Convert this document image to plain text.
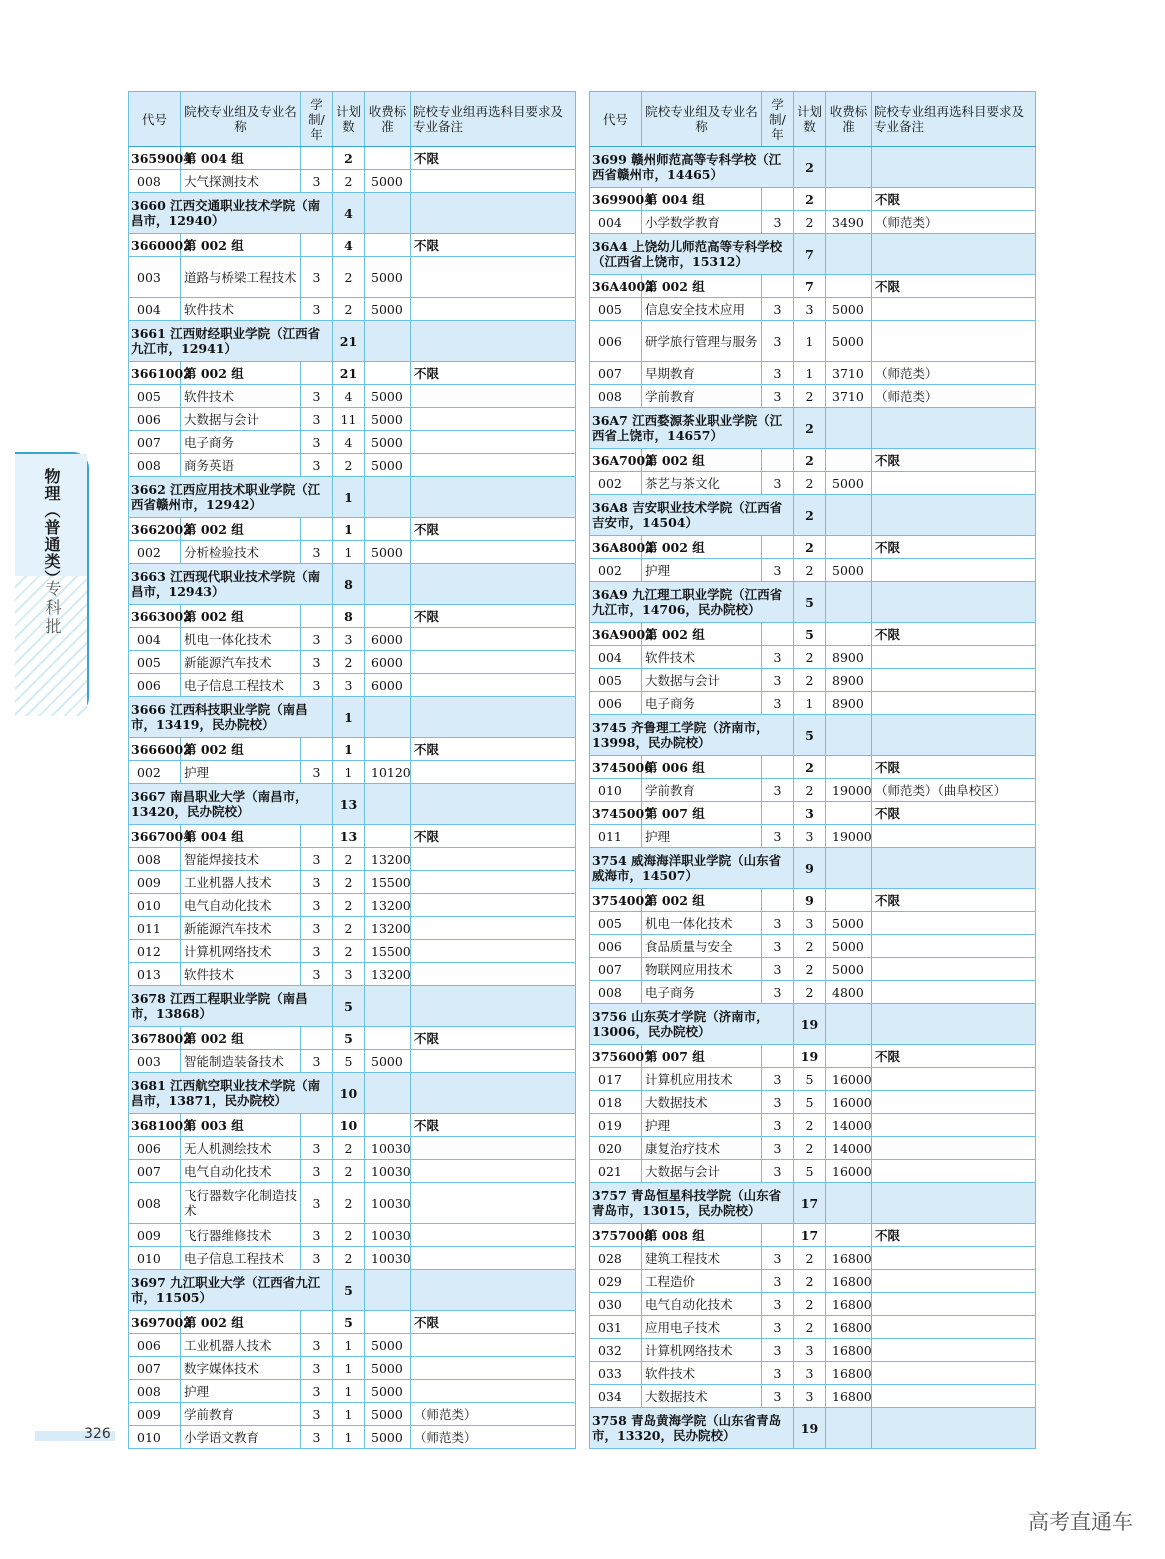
物理（普通类）
专科批
代号	院校专业组及专业名称	学制/年	计划数	收费标准	院校专业组再选科目要求及专业备注
3659004	第 004 组		2		不限
008	大气探测技术	3	2	5000	
3660 江西交通职业技术学院（南昌市，12940）			4		
3660002	第 002 组		4		不限
003	道路与桥梁工程技术	3	2	5000	
004	软件技术	3	2	5000	
3661 江西财经职业学院（江西省九江市，12941）			21		
3661002	第 002 组		21		不限
005	软件技术	3	4	5000	
006	大数据与会计	3	11	5000	
007	电子商务	3	4	5000	
008	商务英语	3	2	5000	
3662 江西应用技术职业学院（江西省赣州市，12942）			1		
3662002	第 002 组		1		不限
002	分析检验技术	3	1	5000	
3663 江西现代职业技术学院（南昌市，12943）			8		
3663002	第 002 组		8		不限
004	机电一体化技术	3	3	6000	
005	新能源汽车技术	3	2	6000	
006	电子信息工程技术	3	3	6000	
3666 江西科技职业学院（南昌市，13419，民办院校）			1		
3666002	第 002 组		1		不限
002	护理	3	1	10120	
3667 南昌职业大学（南昌市，13420，民办院校）			13		
3667004	第 004 组		13		不限
008	智能焊接技术	3	2	13200	
009	工业机器人技术	3	2	15500	
010	电气自动化技术	3	2	13200	
011	新能源汽车技术	3	2	13200	
012	计算机网络技术	3	2	15500	
013	软件技术	3	3	13200	
3678 江西工程职业学院（南昌市，13868）			5		
3678002	第 002 组		5		不限
003	智能制造装备技术	3	5	5000	
3681 江西航空职业技术学院（南昌市，13871，民办院校）			10		
3681003	第 003 组		10		不限
006	无人机测绘技术	3	2	10030	
007	电气自动化技术	3	2	10030	
008	飞行器数字化制造技术	3	2	10030	
009	飞行器维修技术	3	2	10030	
010	电子信息工程技术	3	2	10030	
3697 九江职业大学（江西省九江市，11505）			5		
3697002	第 002 组		5		不限
006	工业机器人技术	3	1	5000	
007	数字媒体技术	3	1	5000	
008	护理	3	1	5000	
009	学前教育	3	1	5000	（师范类）
010	小学语文教育	3	1	5000	（师范类）
代号	院校专业组及专业名称	学制/年	计划数	收费标准	院校专业组再选科目要求及专业备注
3699 赣州师范高等专科学校（江西省赣州市，14465）			2		
3699004	第 004 组		2		不限
004	小学数学教育	3	2	3490	（师范类）
36A4 上饶幼儿师范高等专科学校（江西省上饶市，15312）			7		
36A4002	第 002 组		7		不限
005	信息安全技术应用	3	3	5000	
006	研学旅行管理与服务	3	1	5000	
007	早期教育	3	1	3710	（师范类）
008	学前教育	3	2	3710	（师范类）
36A7 江西婺源茶业职业学院（江西省上饶市，14657）			2		
36A7002	第 002 组		2		不限
002	茶艺与茶文化	3	2	5000	
36A8 吉安职业技术学院（江西省吉安市，14504）			2		
36A8002	第 002 组		2		不限
002	护理	3	2	5000	
36A9 九江理工职业学院（江西省九江市，14706，民办院校）			5		
36A9002	第 002 组		5		不限
004	软件技术	3	2	8900	
005	大数据与会计	3	2	8900	
006	电子商务	3	1	8900	
3745 齐鲁理工学院（济南市，13998，民办院校）			5		
3745006	第 006 组		2		不限
010	学前教育	3	2	19000	（师范类）（曲阜校区）
3745007	第 007 组		3		不限
011	护理	3	3	19000	
3754 威海海洋职业学院（山东省威海市，14507）			9		
3754002	第 002 组		9		不限
005	机电一体化技术	3	3	5000	
006	食品质量与安全	3	2	5000	
007	物联网应用技术	3	2	5000	
008	电子商务	3	2	4800	
3756 山东英才学院（济南市，13006，民办院校）			19		
3756007	第 007 组		19		不限
017	计算机应用技术	3	5	16000	
018	大数据技术	3	5	16000	
019	护理	3	2	14000	
020	康复治疗技术	3	2	14000	
021	大数据与会计	3	5	16000	
3757 青岛恒星科技学院（山东省青岛市，13015，民办院校）			17		
3757008	第 008 组		17		不限
028	建筑工程技术	3	2	16800	
029	工程造价	3	2	16800	
030	电气自动化技术	3	2	16800	
031	应用电子技术	3	2	16800	
032	计算机网络技术	3	3	16800	
033	软件技术	3	3	16800	
034	大数据技术	3	3	16800	
3758 青岛黄海学院（山东省青岛市，13320，民办院校）			19		
326
高考直通车
